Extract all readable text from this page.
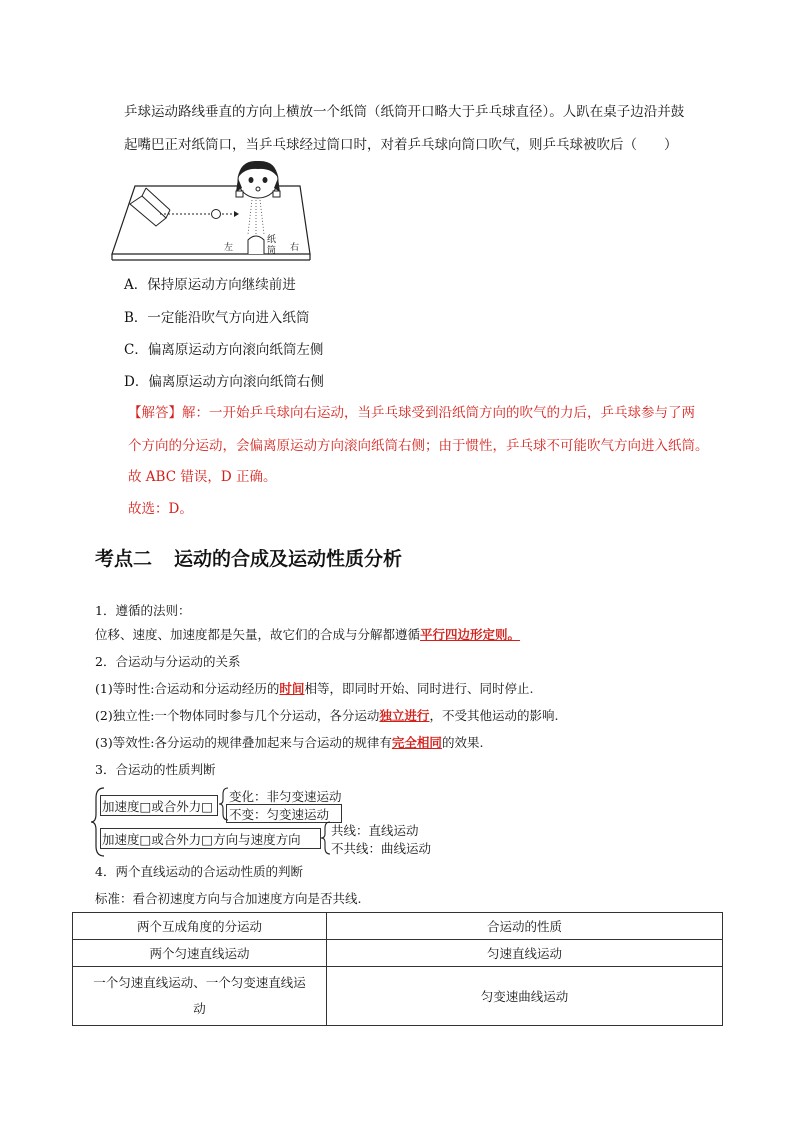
乒球运动路线垂直的方向上横放一个纸筒（纸筒开口略大于乒乓球直径）。人趴在桌子边沿并鼓
起嘴巴正对纸筒口，当乒乓球经过筒口时，对着乒乓球向筒口吹气，则乒乓球被吹后（　　）
左
纸
筒 右
A．保持原运动方向继续前进
B．一定能沿吹气方向进入纸筒
C．偏离原运动方向滚向纸筒左侧
D．偏离原运动方向滚向纸筒右侧
【解答】解：一开始乒乓球向右运动，当乒乓球受到沿纸筒方向的吹气的力后，乒乓球参与了两
个方向的分运动，会偏离原运动方向滚向纸筒右侧；由于惯性，乒乓球不可能吹气方向进入纸筒。
故 ABC 错误，D 正确。
故选：D。
考点二 运动的合成及运动性质分析
1．遵循的法则：
位移、速度、加速度都是矢量，故它们的合成与分解都遵循平行四边形定则。
2．合运动与分运动的关系
(1)等时性:合运动和分运动经历的时间相等，即同时开始、同时进行、同时停止.
(2)独立性:一个物体同时参与几个分运动，各分运动独立进行，不受其他运动的影响.
(3)等效性:各分运动的规律叠加起来与合运动的规律有完全相同的效果.
3．合运动的性质判断
加速度□或合外力□
变化：非匀变速运动
不变：匀变速运动
加速度□或合外力□方向与速度方向
共线：直线运动
不共线：曲线运动
4．两个直线运动的合运动性质的判断
标准：看合初速度方向与合加速度方向是否共线.
两个互成角度的分运动	合运动的性质
两个匀速直线运动	匀速直线运动
一个匀速直线运动、一个匀变速直线运
动	匀变速曲线运动
